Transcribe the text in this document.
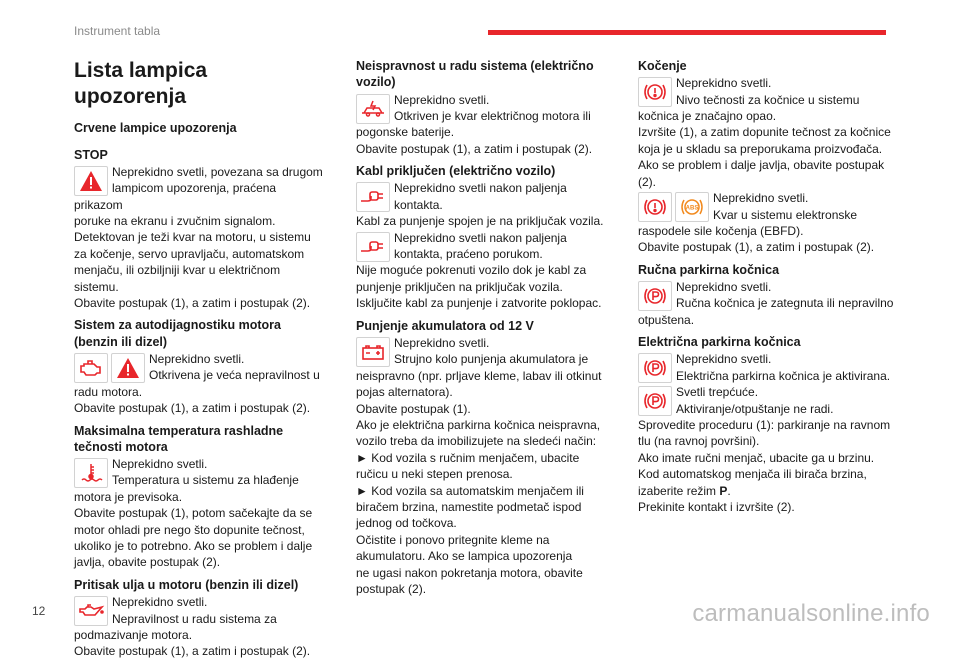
Instrument tabla
Lista lampica upozorenja
Crvene lampice upozorenja
STOP
Neprekidno svetli, povezana sa drugom
lampicom upozorenja, praćena prikazom
poruke na ekranu i zvučnim signalom.
Detektovan je teži kvar na motoru, u sistemu
za kočenje, servo upravljaču, automatskom
menjaču, ili ozbiljniji kvar u električnom sistemu.
Obavite postupak (1), a zatim i postupak (2).
Sistem za autodijagnostiku motora (benzin ili dizel)
Neprekidno svetli.
Otkrivena je veća nepravilnost u
radu motora.
Obavite postupak (1), a zatim i postupak (2).
Maksimalna temperatura rashladne tečnosti motora
Neprekidno svetli.
Temperatura u sistemu za hlađenje
motora je previsoka.
Obavite postupak (1), potom sačekajte da se
motor ohladi pre nego što dopunite tečnost,
ukoliko je to potrebno. Ako se problem i dalje
javlja, obavite postupak (2).
Pritisak ulja u motoru (benzin ili dizel)
Neprekidno svetli.
Nepravilnost u radu sistema za
podmazivanje motora.
Obavite postupak (1), a zatim i postupak (2).
Neispravnost u radu sistema (električno vozilo)
Neprekidno svetli.
Otkriven je kvar električnog motora ili
pogonske baterije.
Obavite postupak (1), a zatim i postupak (2).
Kabl priključen (električno vozilo)
Neprekidno svetli nakon paljenja
kontakta.
Kabl za punjenje spojen je na priključak vozila.
Neprekidno svetli nakon paljenja
kontakta, praćeno porukom.
Nije moguće pokrenuti vozilo dok je kabl za
punjenje priključen na priključak vozila.
Isključite kabl za punjenje i zatvorite poklopac.
Punjenje akumulatora od 12 V
Neprekidno svetli.
Strujno kolo punjenja akumulatora je
neispravno (npr. prljave kleme, labav ili otkinut
pojas alternatora).
Obavite postupak (1).
Ako je električna parkirna kočnica neispravna,
vozilo treba da imobilizujete na sledeći način:
► Kod vozila s ručnim menjačem, ubacite
ručicu u neki stepen prenosa.
► Kod vozila sa automatskim menjačem ili
biračem brzina, namestite podmetač ispod
jednog od točkova.
Očistite i ponovo pritegnite kleme na
akumulatoru. Ako se lampica upozorenja
ne ugasi nakon pokretanja motora, obavite
postupak (2).
Kočenje
Neprekidno svetli.
Nivo tečnosti za kočnice u sistemu
kočnica je značajno opao.
Izvršite (1), a zatim dopunite tečnost za kočnice
koja je u skladu sa preporukama proizvođača.
Ako se problem i dalje javlja, obavite postupak
(2).
ABS
Neprekidno svetli.
Kvar u sistemu elektronske
raspodele sile kočenja (EBFD).
Obavite postupak (1), a zatim i postupak (2).
Ručna parkirna kočnica
Neprekidno svetli.
Ručna kočnica je zategnuta ili nepravilno
otpuštena.
Električna parkirna kočnica
Neprekidno svetli.
Električna parkirna kočnica je aktivirana.
Svetli trepćuće.
Aktiviranje/otpuštanje ne radi.
Sprovedite proceduru (1): parkiranje na ravnom
tlu (na ravnoj površini).
Ako imate ručni menjač, ubacite ga u brzinu.
Kod automatskog menjača ili birača brzina,
izaberite režim P.
Prekinite kontakt i izvršite (2).
12	carmanualsonline.info
